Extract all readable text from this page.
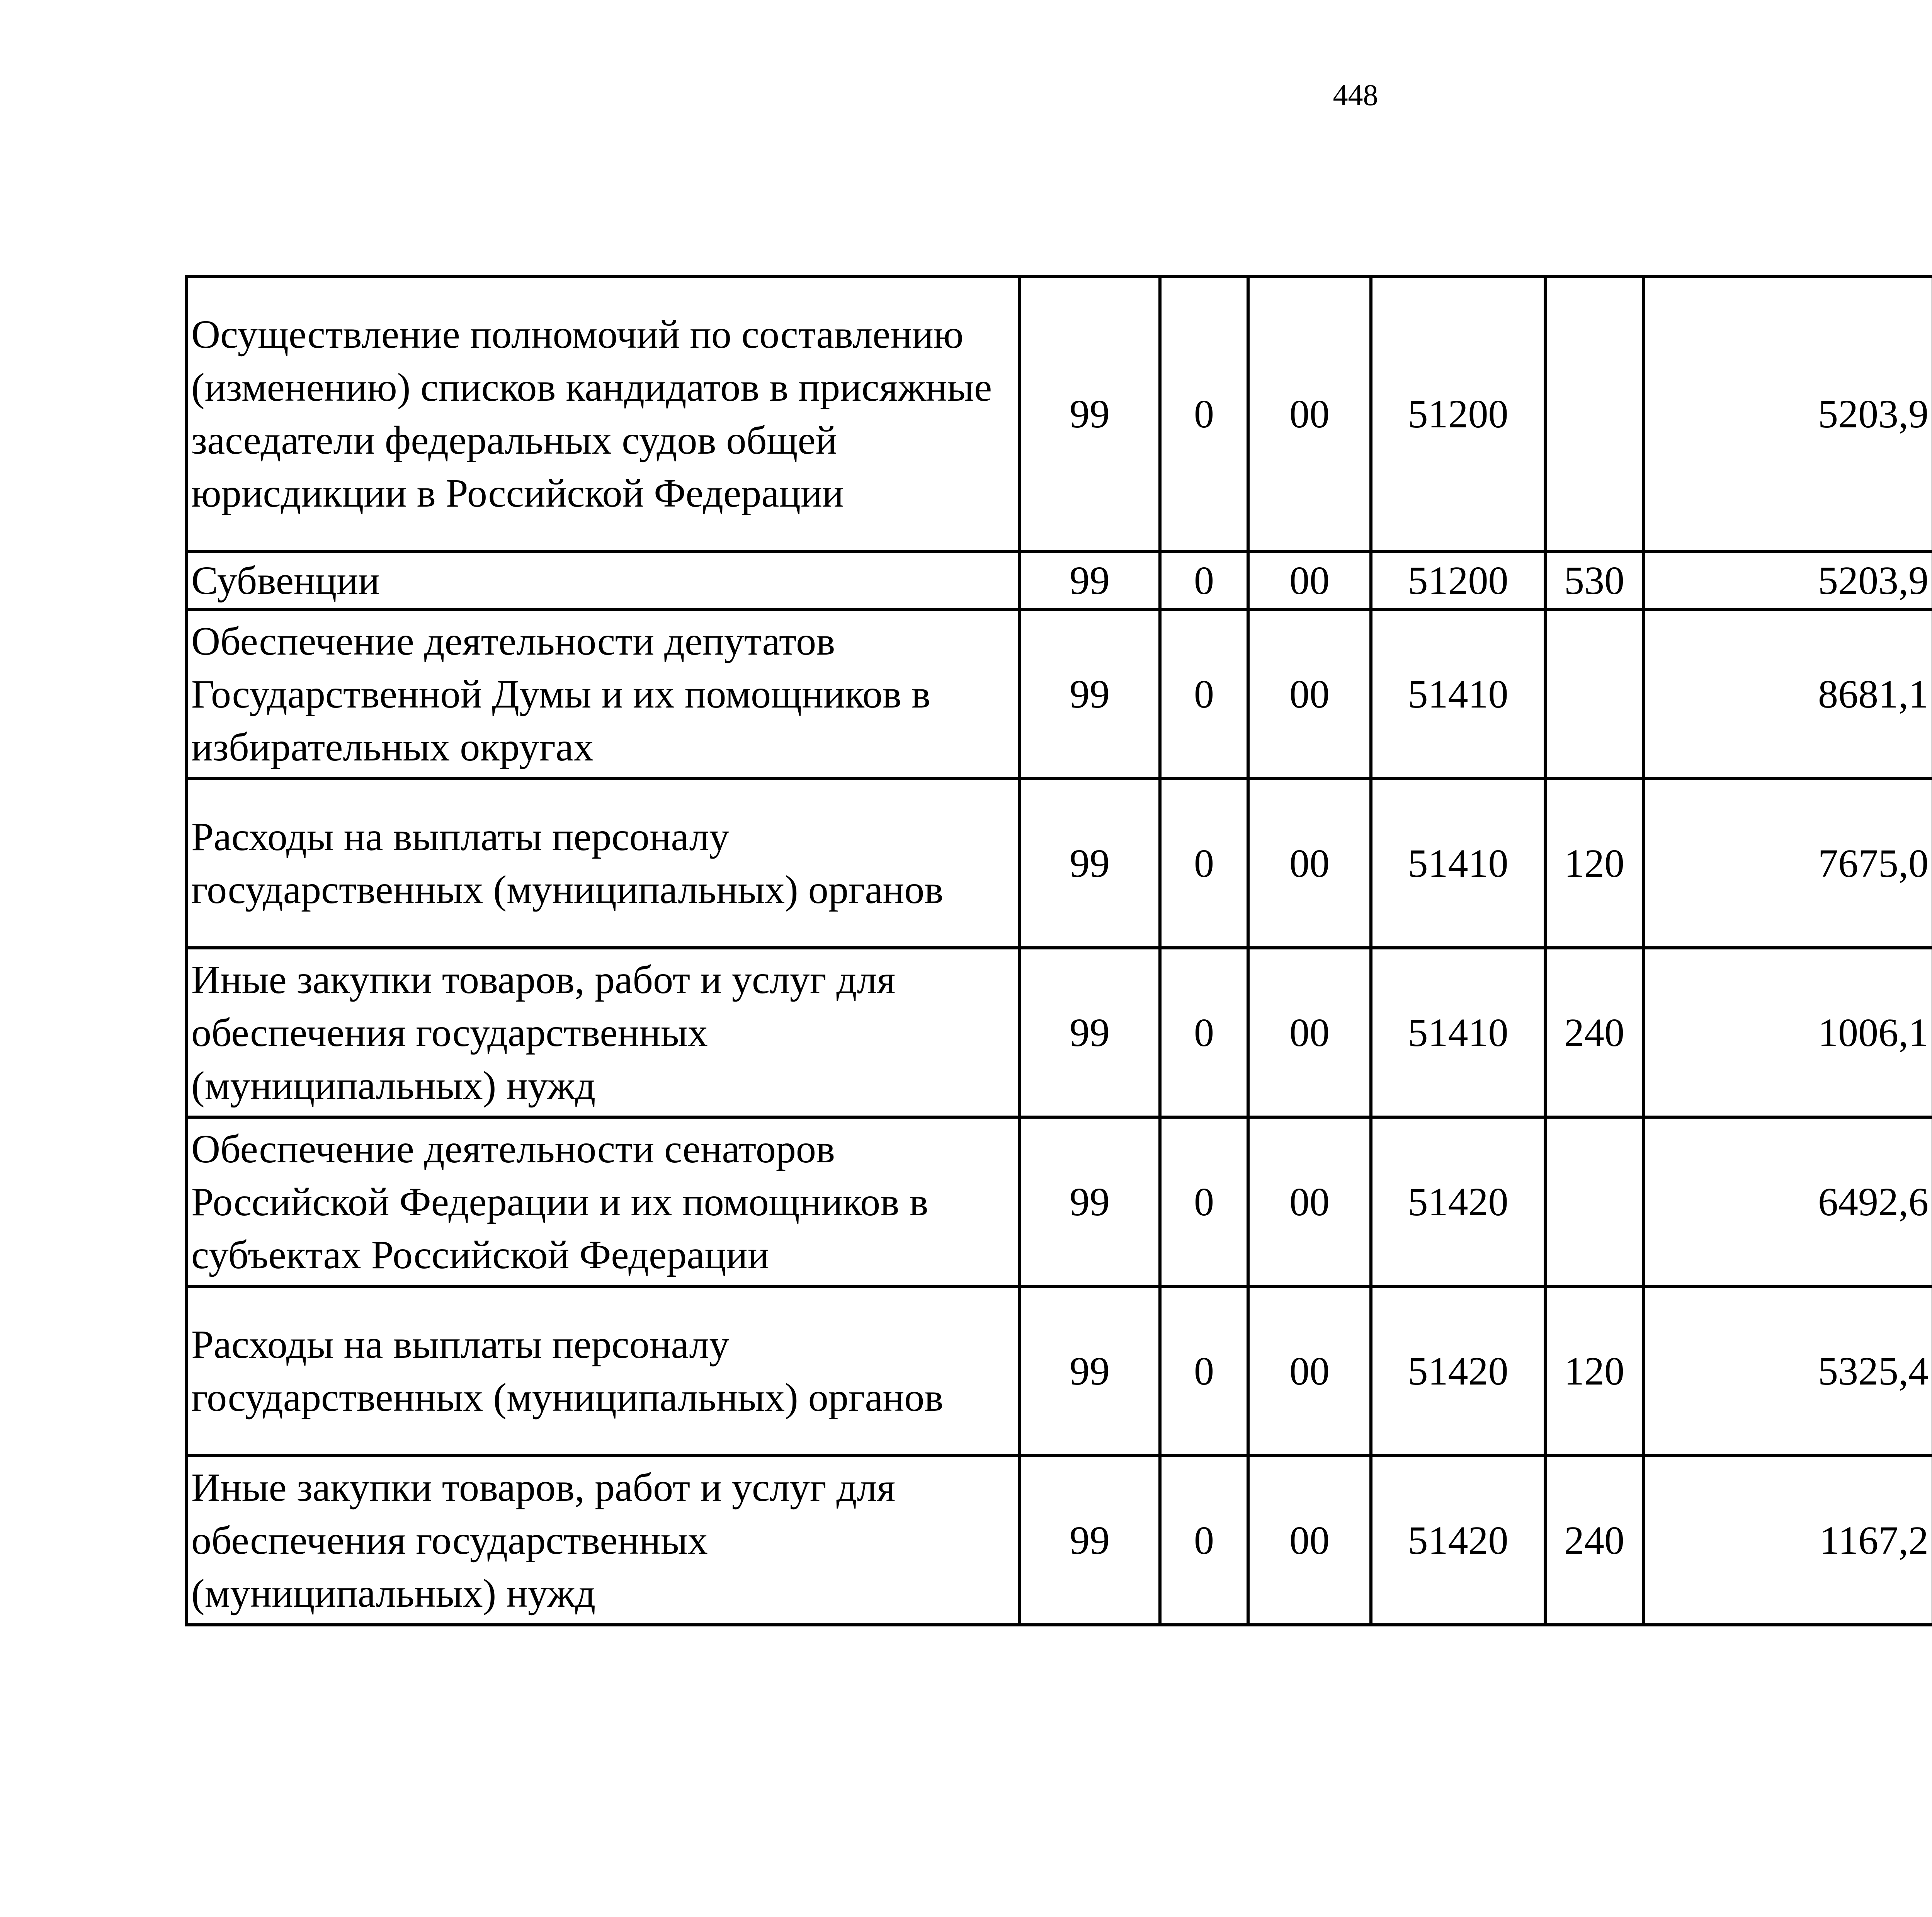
448
Осуществление полномочий по составлению (изменению) списков кандидатов в присяжные заседатели федеральных судов общей юрисдикции в Российской Федерации	99	0	00	51200		5203,9		
Субвенции	99	0	00	51200	530	5203,9		
Обеспечение деятельности депутатов Государственной Думы и их помощников в избирательных округах	99	0	00	51410		8681,1		
Расходы на выплаты персоналу государственных (муниципальных) органов	99	0	00	51410	120	7675,0		
Иные закупки товаров, работ и услуг для обеспечения государственных (муниципальных) нужд	99	0	00	51410	240	1006,1		
Обеспечение деятельности сенаторов Российской Федерации и их помощников в субъектах Российской Федерации	99	0	00	51420		6492,6		
Расходы на выплаты персоналу государственных (муниципальных) органов	99	0	00	51420	120	5325,4		
Иные закупки товаров, работ и услуг для обеспечения государственных (муниципальных) нужд	99	0	00	51420	240	1167,2		
